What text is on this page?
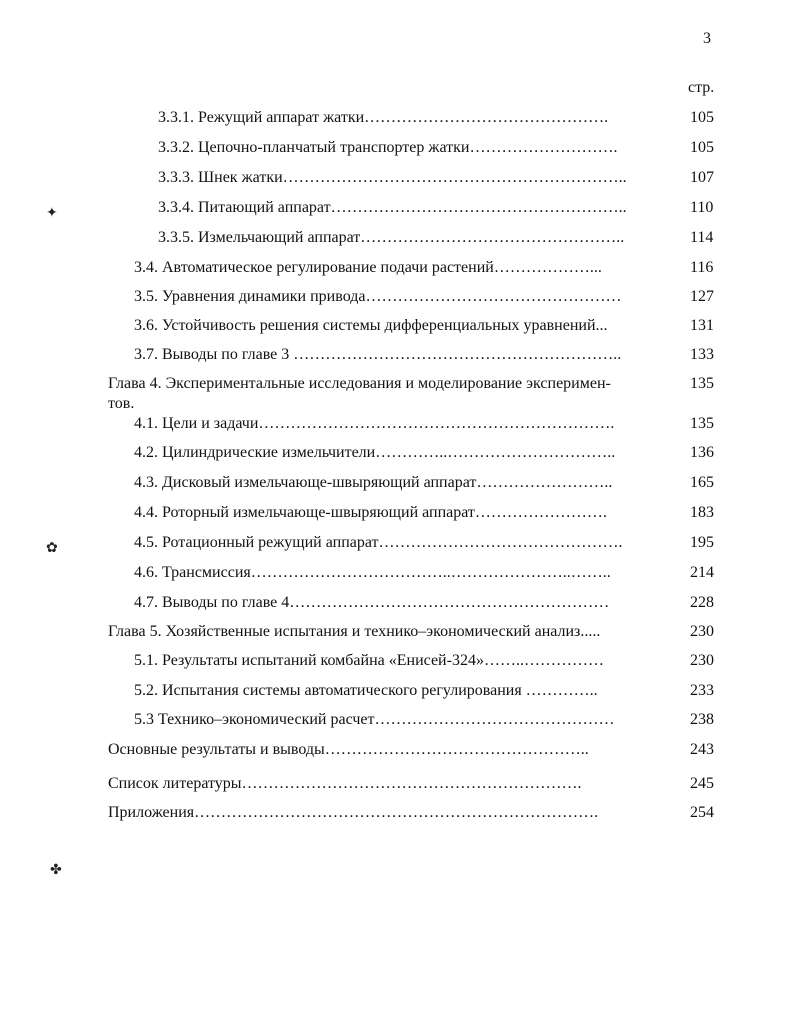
3
стр.
3.3.1. Режущий аппарат жатки……………………………………….	105
3.3.2. Цепочно-планчатый транспортер жатки……………………….	105
3.3.3. Шнек жатки………………………………………………………..	107
3.3.4. Питающий аппарат………………………………………………..	110
3.3.5. Измельчающий аппарат…………………………………………..	114
3.4. Автоматическое регулирование подачи растений………………...	116
3.5. Уравнения динамики привода…………………………………………	127
3.6. Устойчивость решения системы дифференциальных уравнений...	131
3.7. Выводы по главе 3 ……………………………………………………..	133
Глава 4. Экспериментальные исследования и моделирование эксперимен-	135
тов.
4.1. Цели и задачи………………………………………………………….	135
4.2. Цилиндрические измельчители…………..…………………………..	136
4.3. Дисковый измельчающе-швыряющий аппарат……………………..	165
4.4. Роторный измельчающе-швыряющий аппарат…………………….	183
4.5. Ротационный режущий аппарат……………………………………….	195
4.6. Трансмиссия………………………………..…………………..……..	214
4.7. Выводы по главе 4……………………………………………………	228
Глава 5. Хозяйственные испытания и технико–экономический анализ.....	230
5.1. Результаты испытаний комбайна «Енисей-324»……..……………	230
5.2. Испытания системы автоматического регулирования …………..	233
5.3 Технико–экономический расчет………………………………………	238
Основные результаты и выводы…………………………………………..	243
Список литературы……………………………………………………….	245
Приложения………………………………………………………………….	254
✦
✿
✤
